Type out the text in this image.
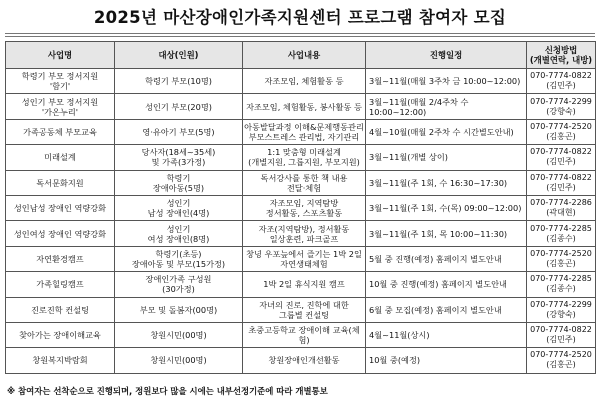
2025년 마산장애인가족지원센터 프로그램 참여자 모집
사업명	대상(인원)	사업내용	진행일정	신청방법
(개별연락, 내방)
학령기 부모 정서지원
'함기'	학령기 부모(10명)	자조모임, 체험활동 등	3월~11월(매월 3주차 금 10:00~12:00)	070-7774-0822
(김민주)
성인기 부모 정서지원
'가온누리'	성인기 부모(20명)	자조모임, 체험활동, 봉사활동 등	3월~11월(매월 2/4주차 수 10:00~12:00)	070-7774-2299
(강향숙)
가족공동체 부모교육	영·유아기 부모(5명)	아동발달과정 이해&문제행동관리
부모스트레스 관리법, 자기관리	4월~10월(매월 2주차 수 시간별도안내)	070-7774-2520
(김홍곤)
미래설계	당사자(18세~35세)
및 가족(3가정)	1:1 맞춤형 미래설계
(개별지원, 그룹지원, 부모지원)	3월~11월(개별 상이)	070-7774-0822
(김민주)
독서문화지원	학령기
장애아동(5명)	독서강사를 통한 책 내용
전달·체험	3월~11월(주 1회, 수 16:30~17:30)	070-7774-0822
(김민주)
성인남성 장애인 역량강화	성인기
남성 장애인(4명)	자조모임, 지역탐방
정서활동, 스포츠활동	3월~11월(주 1회, 수(목) 09:00~12:00)	070-7774-2286
(곽대현)
성인여성 장애인 역량강화	성인기
여성 장애인(8명)	자조(지역탐방), 정서활동
일상훈련, 파크골프	3월~11월(주 1회, 목 10:00~11:30)	070-7774-2285
(김종수)
자연환경캠프	학령기(초등)
장애아동 및 부모(15가정)	창녕 우포늪에서 즐기는 1박 2일
자연생태체험	5월 중 진행(예정) 홈페이지 별도안내	070-7774-2520
(김홍곤)
가족힐링캠프	장애인가족 구성원
(30가정)	1박 2일 휴식지원 캠프	10월 중 진행(예정) 홈페이지 별도안내	070-7774-2285
(김종수)
진로진학 컨설팅	부모 및 돌봄자(00명)	자녀의 진로, 진학에 대한
그룹별 컨설팅	6월 중 모집(예정) 홈페이지 별도안내	070-7774-2299
(강향숙)
찾아가는 장애이해교육	창원시민(00명)	초중고등학교 장애이해 교육(체험)	4월~11월(상시)	070-7774-0822
(김민주)
창원복지박람회	창원시민(00명)	창원장애인개선활동	10월 중(예정)	070-7774-2520
(김홍곤)
※ 참여자는 선착순으로 진행되며, 정원보다 많을 시에는 내부선정기준에 따라 개별통보
